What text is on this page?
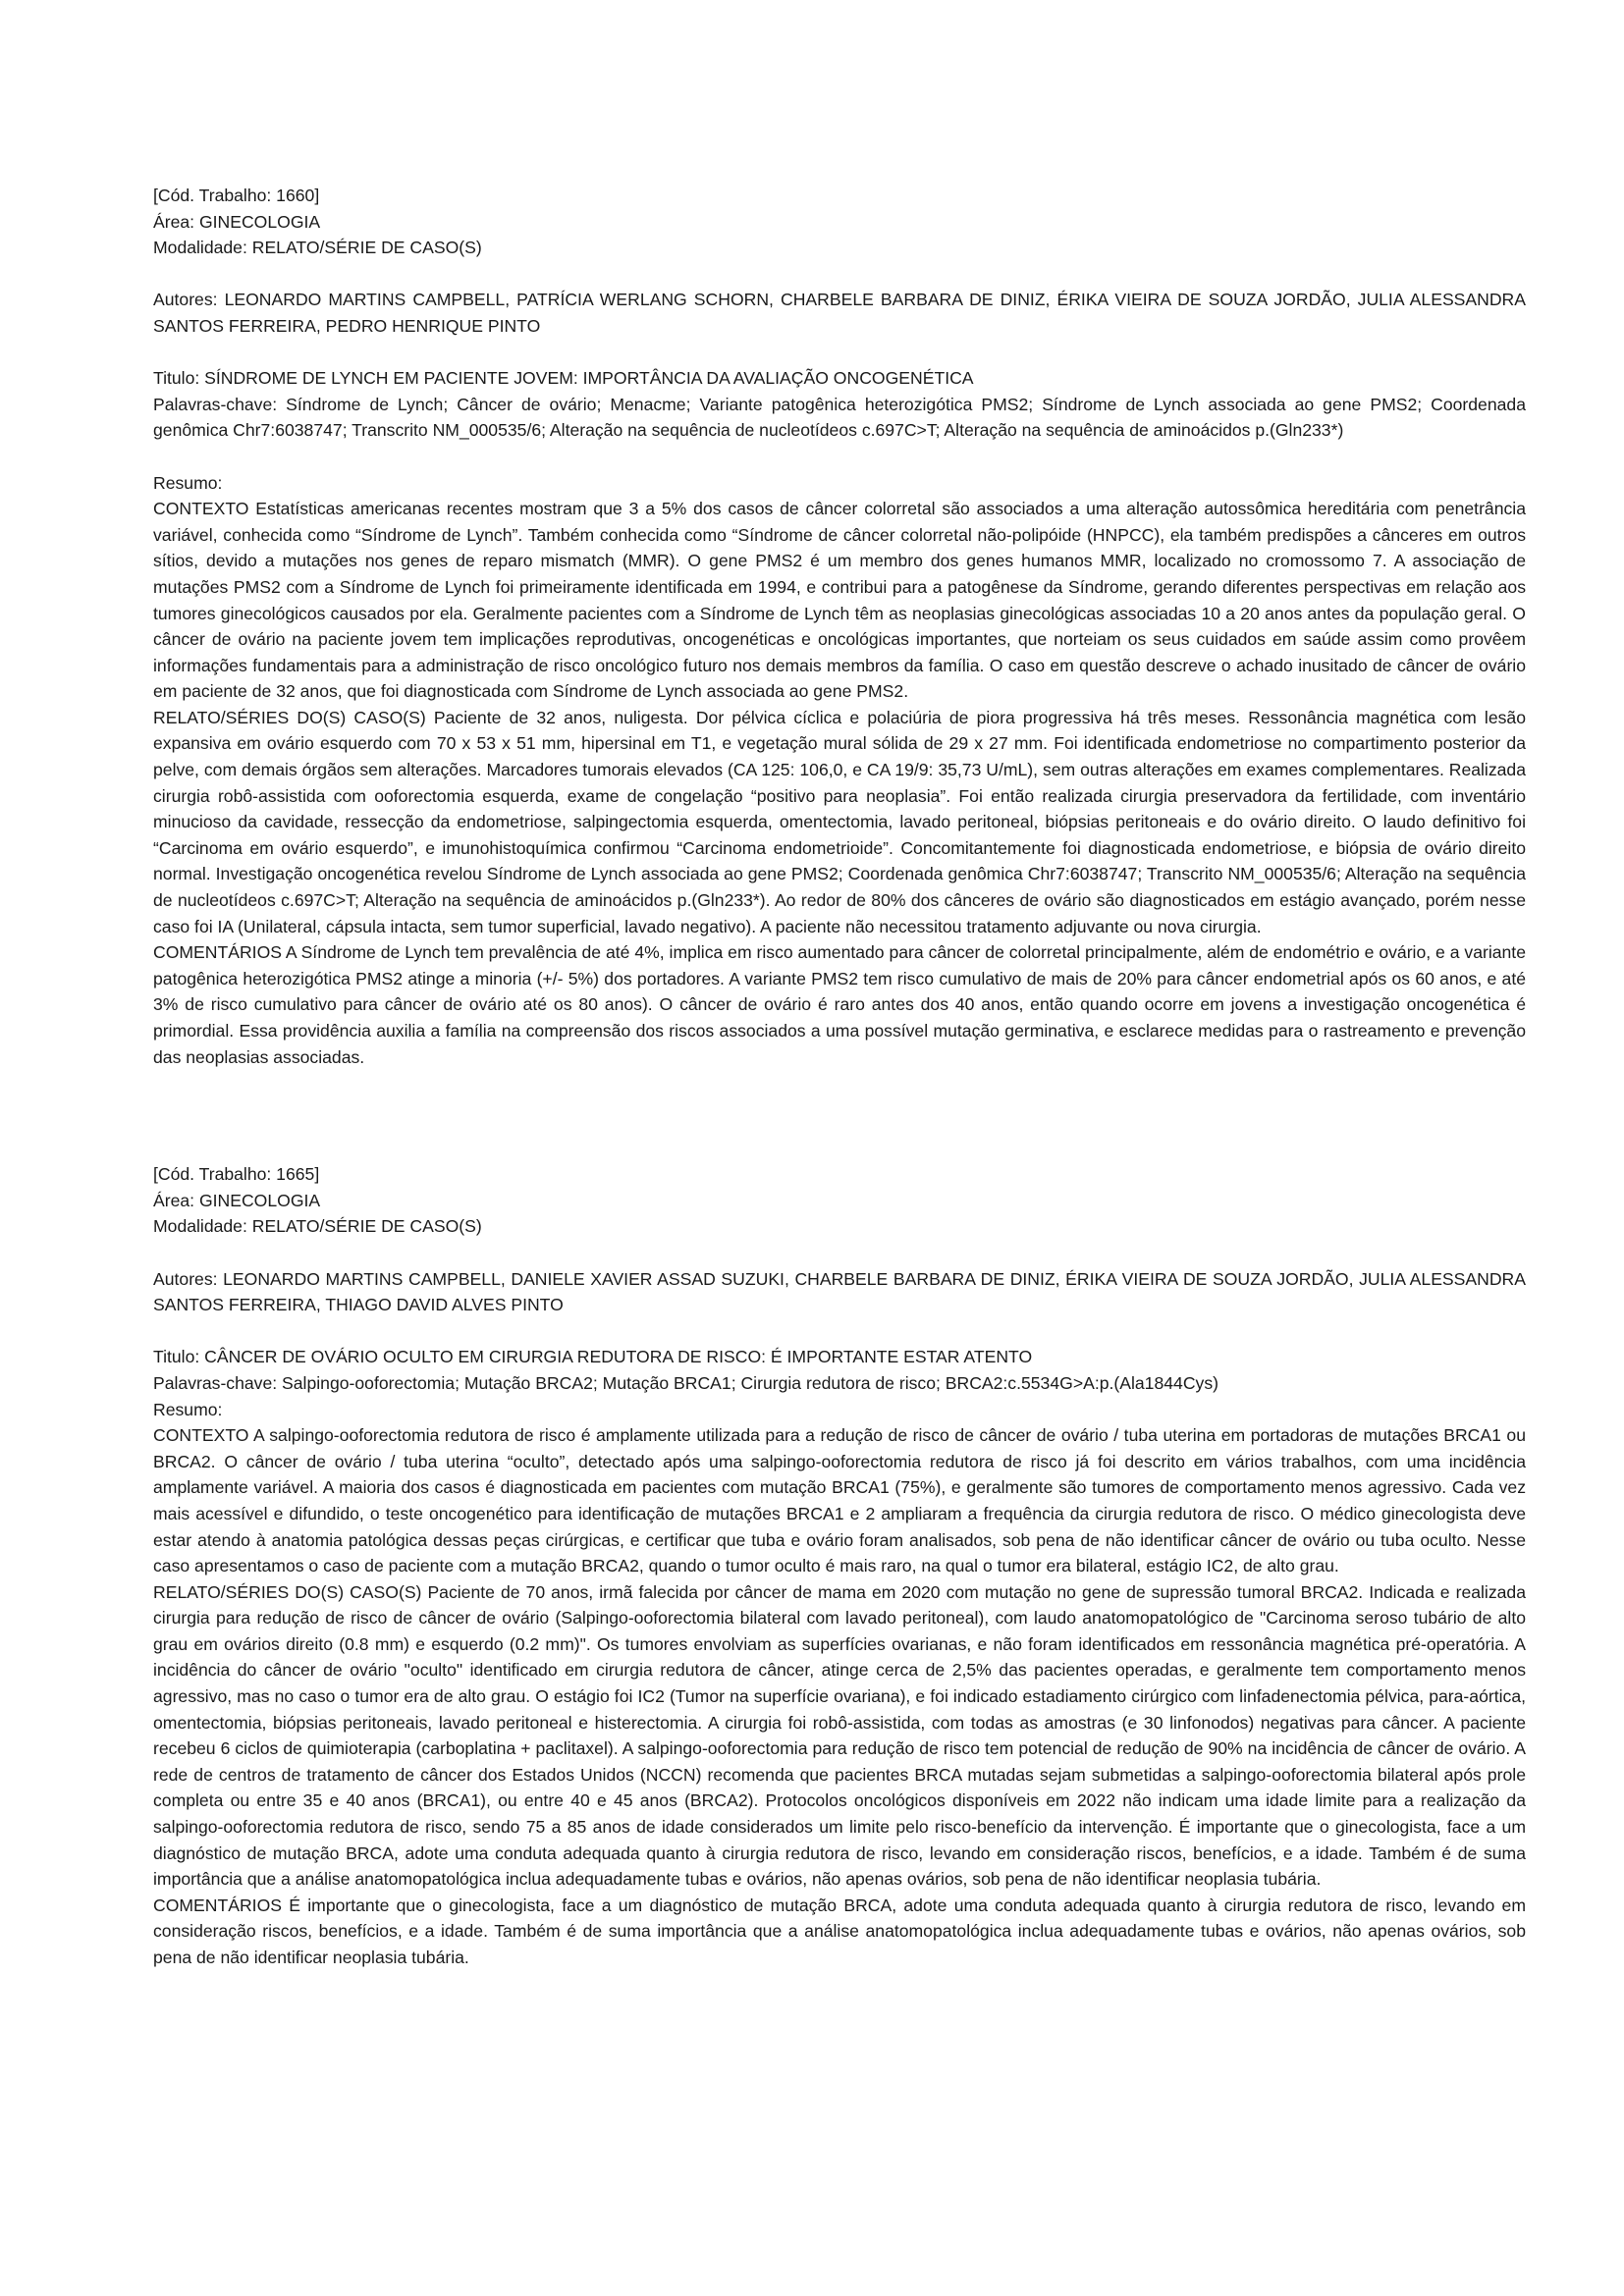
[Cód. Trabalho: 1660]

Área: GINECOLOGIA

Modalidade: RELATO/SÉRIE DE CASO(S)

Autores: LEONARDO MARTINS CAMPBELL, PATRÍCIA WERLANG SCHORN, CHARBELE BARBARA DE DINIZ, ÉRIKA VIEIRA DE SOUZA JORDÃO, JULIA ALESSANDRA SANTOS FERREIRA, PEDRO HENRIQUE PINTO

Titulo: SÍNDROME DE LYNCH EM PACIENTE JOVEM: IMPORTÂNCIA DA AVALIAÇÃO ONCOGENÉTICA

Palavras-chave: Síndrome de Lynch; Câncer de ovário; Menacme; Variante patogênica heterozigótica PMS2; Síndrome de Lynch associada ao gene PMS2; Coordenada genômica Chr7:6038747; Transcrito NM_000535/6; Alteração na sequência de nucleotídeos c.697C>T; Alteração na sequência de aminoácidos p.(Gln233*)

Resumo:

CONTEXTO Estatísticas americanas recentes mostram que 3 a 5% dos casos de câncer colorretal são associados a uma alteração autossômica hereditária com penetrância variável, conhecida como “Síndrome de Lynch”. Também conhecida como “Síndrome de câncer colorretal não-polipóide (HNPCC), ela também predispões a cânceres em outros sítios, devido a mutações nos genes de reparo mismatch (MMR). O gene PMS2 é um membro dos genes humanos MMR, localizado no cromossomo 7. A associação de mutações PMS2 com a Síndrome de Lynch foi primeiramente identificada em 1994, e contribui para a patogênese da Síndrome, gerando diferentes perspectivas em relação aos tumores ginecológicos causados por ela. Geralmente pacientes com a Síndrome de Lynch têm as neoplasias ginecológicas associadas 10 a 20 anos antes da população geral. O câncer de ovário na paciente jovem tem implicações reprodutivas, oncogenéticas e oncológicas importantes, que norteiam os seus cuidados em saúde assim como provêem informações fundamentais para a administração de risco oncológico futuro nos demais membros da família. O caso em questão descreve o achado inusitado de câncer de ovário em paciente de 32 anos, que foi diagnosticada com Síndrome de Lynch associada ao gene PMS2.

RELATO/SÉRIES DO(S) CASO(S) Paciente de 32 anos, nuligesta. Dor pélvica cíclica e polaciúria de piora progressiva há três meses. Ressonância magnética com lesão expansiva em ovário esquerdo com 70 x 53 x 51 mm, hipersinal em T1, e vegetação mural sólida de 29 x 27 mm. Foi identificada endometriose no compartimento posterior da pelve, com demais órgãos sem alterações. Marcadores tumorais elevados (CA 125: 106,0, e CA 19/9: 35,73 U/mL), sem outras alterações em exames complementares. Realizada cirurgia robô-assistida com ooforectomia esquerda, exame de congelação “positivo para neoplasia”. Foi então realizada cirurgia preservadora da fertilidade, com inventário minucioso da cavidade, ressecção da endometriose, salpingectomia esquerda, omentectomia, lavado peritoneal, biópsias peritoneais e do ovário direito. O laudo definitivo foi “Carcinoma em ovário esquerdo”, e imunohistoquímica confirmou “Carcinoma endometrioide”. Concomitantemente foi diagnosticada endometriose, e biópsia de ovário direito normal. Investigação oncogenética revelou Síndrome de Lynch associada ao gene PMS2; Coordenada genômica Chr7:6038747; Transcrito NM_000535/6; Alteração na sequência de nucleotídeos c.697C>T; Alteração na sequência de aminoácidos p.(Gln233*). Ao redor de 80% dos cânceres de ovário são diagnosticados em estágio avançado, porém nesse caso foi IA (Unilateral, cápsula intacta, sem tumor superficial, lavado negativo). A paciente não necessitou tratamento adjuvante ou nova cirurgia.

COMENTÁRIOS A Síndrome de Lynch tem prevalência de até 4%, implica em risco aumentado para câncer de colorretal principalmente, além de endométrio e ovário, e a variante patogênica heterozigótica PMS2 atinge a minoria (+/- 5%) dos portadores. A variante PMS2 tem risco cumulativo de mais de 20% para câncer endometrial após os 60 anos, e até 3% de risco cumulativo para câncer de ovário até os 80 anos). O câncer de ovário é raro antes dos 40 anos, então quando ocorre em jovens a investigação oncogenética é primordial. Essa providência auxilia a família na compreensão dos riscos associados a uma possível mutação germinativa, e esclarece medidas para o rastreamento e prevenção das neoplasias associadas.

[Cód. Trabalho: 1665]

Área: GINECOLOGIA

Modalidade: RELATO/SÉRIE DE CASO(S)

Autores: LEONARDO MARTINS CAMPBELL, DANIELE XAVIER ASSAD SUZUKI, CHARBELE BARBARA DE DINIZ, ÉRIKA VIEIRA DE SOUZA JORDÃO, JULIA ALESSANDRA SANTOS FERREIRA, THIAGO DAVID ALVES PINTO

Titulo: CÂNCER DE OVÁRIO OCULTO EM CIRURGIA REDUTORA DE RISCO: É IMPORTANTE ESTAR ATENTO

Palavras-chave: Salpingo-ooforectomia; Mutação BRCA2; Mutação BRCA1; Cirurgia redutora de risco; BRCA2:c.5534G>A:p.(Ala1844Cys)

Resumo:

CONTEXTO A salpingo-ooforectomia redutora de risco é amplamente utilizada para a redução de risco de câncer de ovário / tuba uterina em portadoras de mutações BRCA1 ou BRCA2. O câncer de ovário / tuba uterina “oculto”, detectado após uma salpingo-ooforectomia redutora de risco já foi descrito em vários trabalhos, com uma incidência amplamente variável. A maioria dos casos é diagnosticada em pacientes com mutação BRCA1 (75%), e geralmente são tumores de comportamento menos agressivo. Cada vez mais acessível e difundido, o teste oncogenético para identificação de mutações BRCA1 e 2 ampliaram a frequência da cirurgia redutora de risco. O médico ginecologista deve estar atendo à anatomia patológica dessas peças cirúrgicas, e certificar que tuba e ovário foram analisados, sob pena de não identificar câncer de ovário ou tuba oculto. Nesse caso apresentamos o caso de paciente com a mutação BRCA2, quando o tumor oculto é mais raro, na qual o tumor era bilateral, estágio IC2, de alto grau.

RELATO/SÉRIES DO(S) CASO(S) Paciente de 70 anos, irmã falecida por câncer de mama em 2020 com mutação no gene de supressão tumoral BRCA2. Indicada e realizada cirurgia para redução de risco de câncer de ovário (Salpingo-ooforectomia bilateral com lavado peritoneal), com laudo anatomopatológico de "Carcinoma seroso tubário de alto grau em ovários direito (0.8 mm) e esquerdo (0.2 mm)". Os tumores envolviam as superfícies ovarianas, e não foram identificados em ressonância magnética pré-operatória. A incidência do câncer de ovário "oculto" identificado em cirurgia redutora de câncer, atinge cerca de 2,5% das pacientes operadas, e geralmente tem comportamento menos agressivo, mas no caso o tumor era de alto grau. O estágio foi IC2 (Tumor na superfície ovariana), e foi indicado estadiamento cirúrgico com linfadenectomia pélvica, para-aórtica, omentectomia, biópsias peritoneais, lavado peritoneal e histerectomia. A cirurgia foi robô-assistida, com todas as amostras (e 30 linfonodos) negativas para câncer. A paciente recebeu 6 ciclos de quimioterapia (carboplatina + paclitaxel). A salpingo-ooforectomia para redução de risco tem potencial de redução de 90% na incidência de câncer de ovário. A rede de centros de tratamento de câncer dos Estados Unidos (NCCN) recomenda que pacientes BRCA mutadas sejam submetidas a salpingo-ooforectomia bilateral após prole completa ou entre 35 e 40 anos (BRCA1), ou entre 40 e 45 anos (BRCA2). Protocolos oncológicos disponíveis em 2022 não indicam uma idade limite para a realização da salpingo-ooforectomia redutora de risco, sendo 75 a 85 anos de idade considerados um limite pelo risco-benefício da intervenção. É importante que o ginecologista, face a um diagnóstico de mutação BRCA, adote uma conduta adequada quanto à cirurgia redutora de risco, levando em consideração riscos, benefícios, e a idade. Também é de suma importância que a análise anatomopatológica inclua adequadamente tubas e ovários, não apenas ovários, sob pena de não identificar neoplasia tubária.

COMENTÁRIOS É importante que o ginecologista, face a um diagnóstico de mutação BRCA, adote uma conduta adequada quanto à cirurgia redutora de risco, levando em consideração riscos, benefícios, e a idade. Também é de suma importância que a análise anatomopatológica inclua adequadamente tubas e ovários, não apenas ovários, sob pena de não identificar neoplasia tubária.
